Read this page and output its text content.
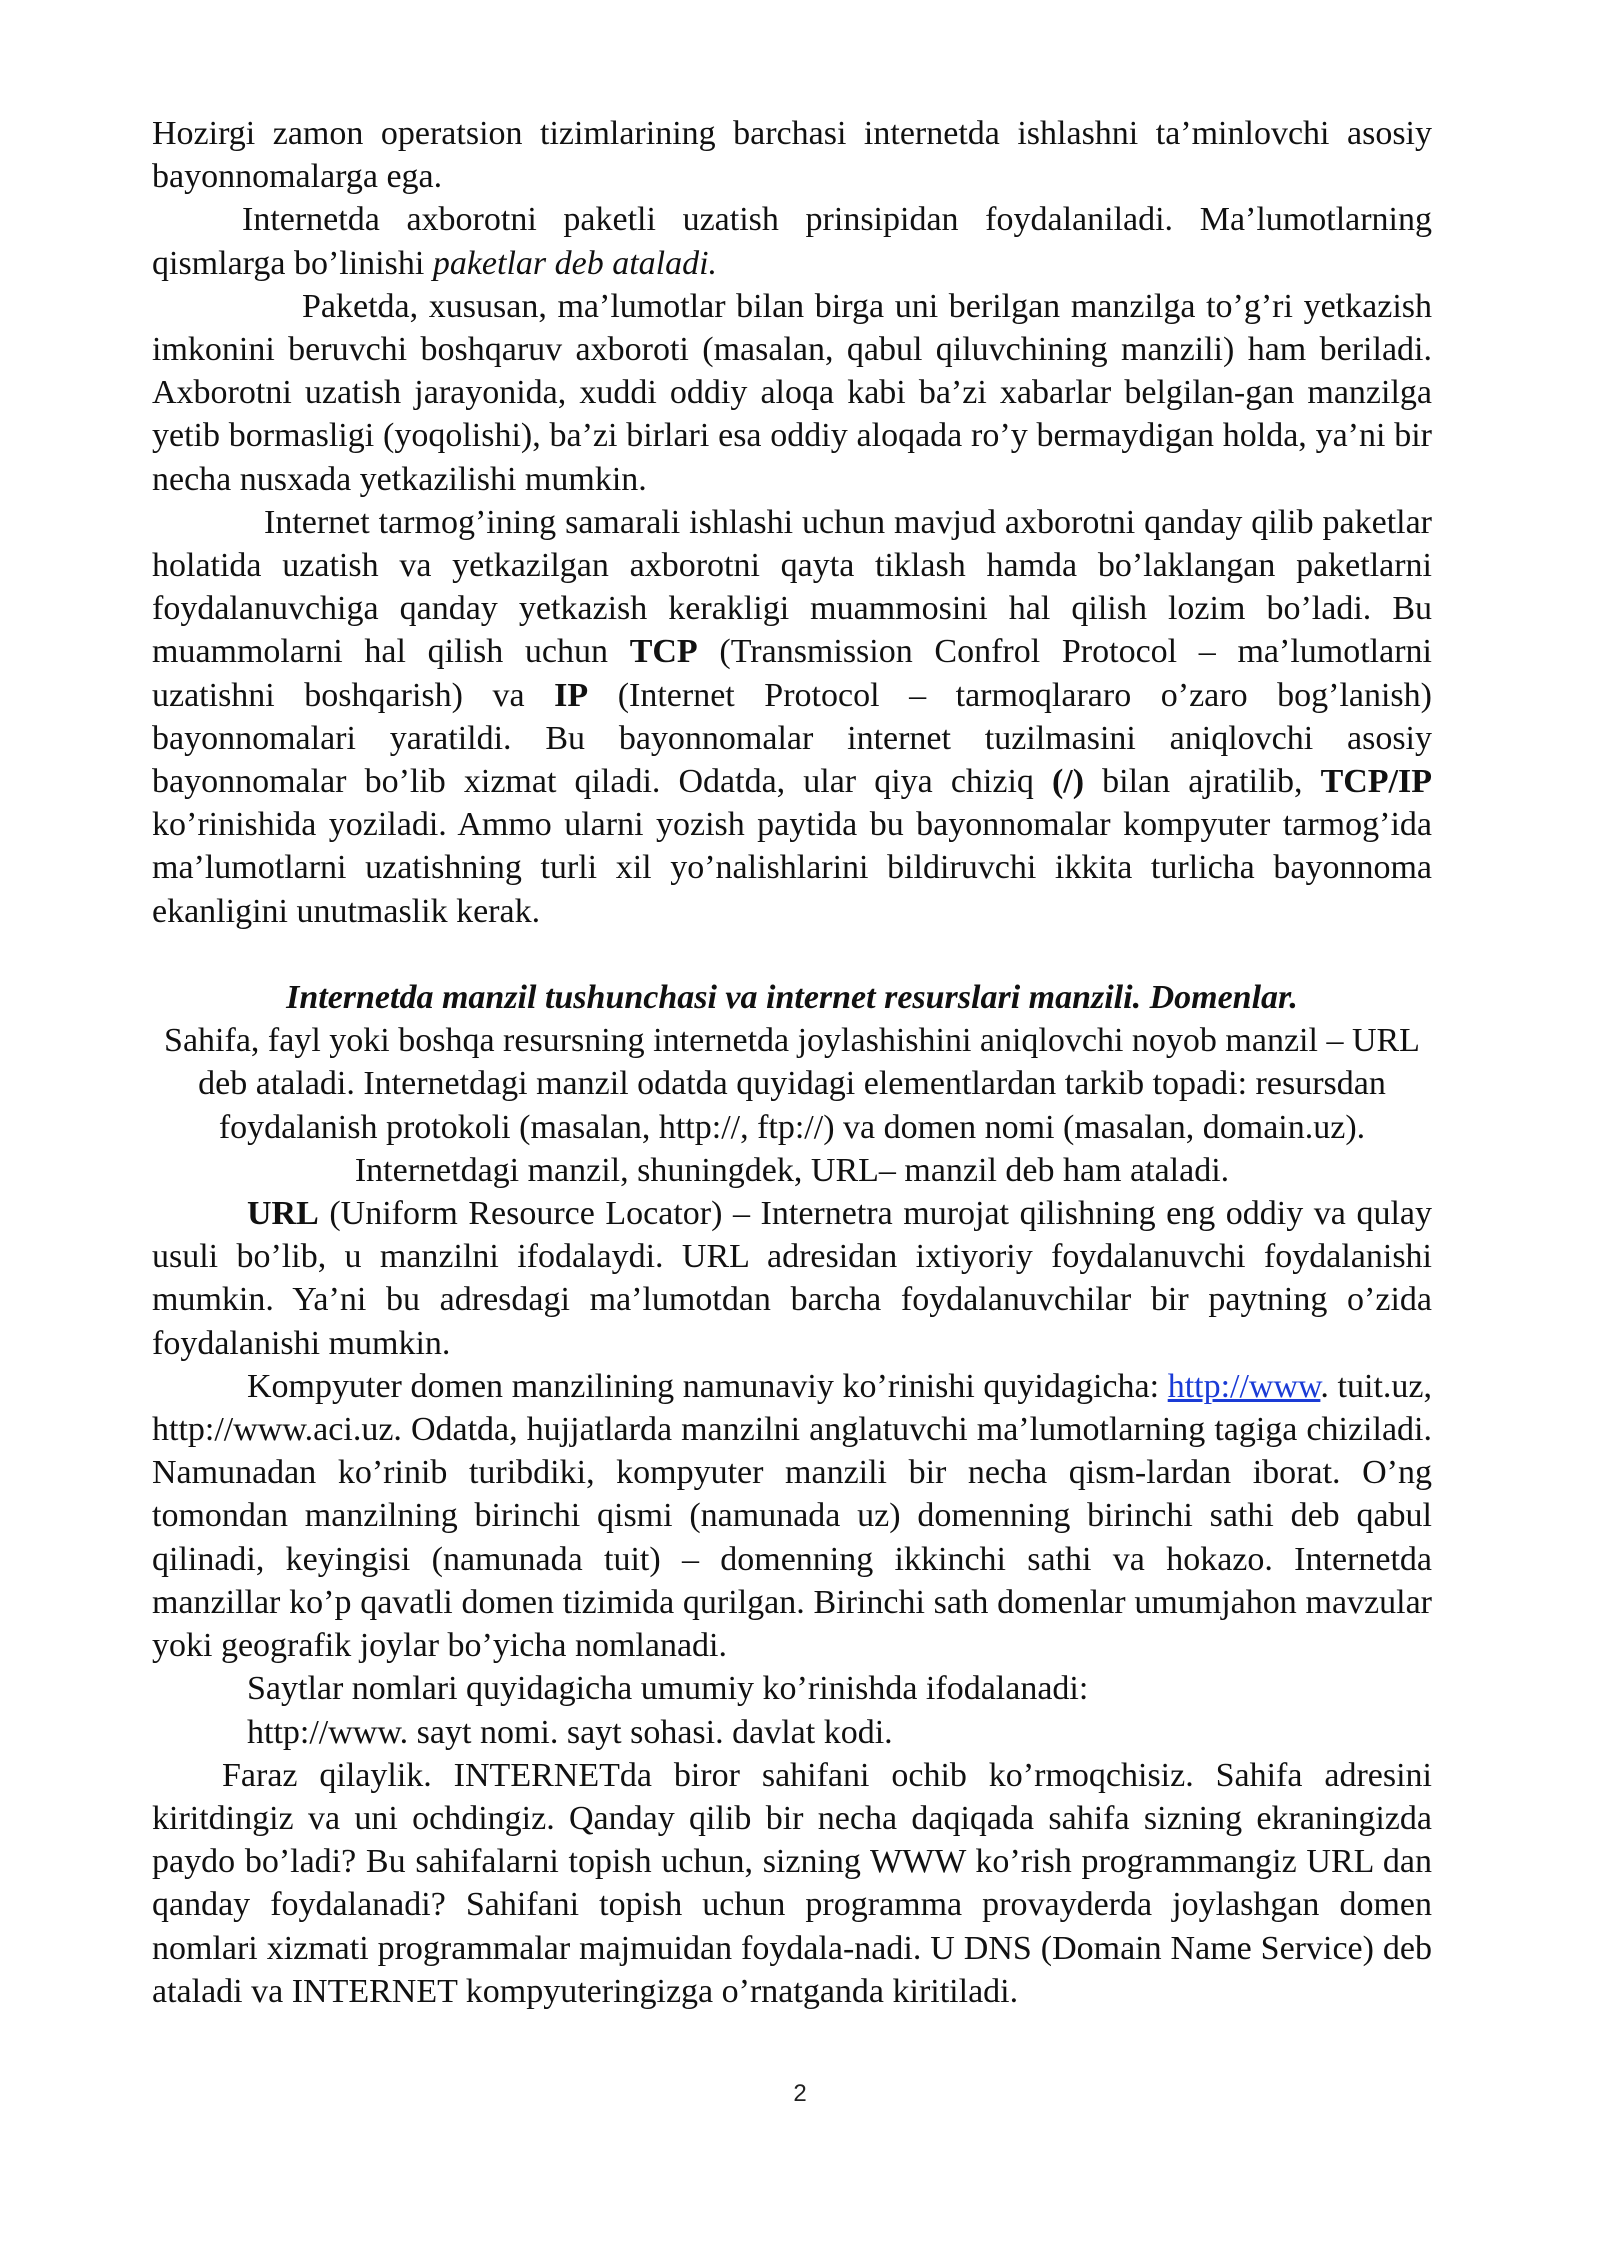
Hozirgi zamon operatsion tizimlarining barchasi internetda ishlashni ta’minlovchi asosiy bayonnomalarga ega.

Internetda axborotni paketli uzatish prinsipidan foydalaniladi. Ma’lumotlarning qismlarga bo’linishi paketlar deb ataladi.

Paketda, xususan, ma’lumotlar bilan birga uni berilgan manzilga to’g’ri yetkazish imkonini beruvchi boshqaruv axboroti (masalan, qabul qiluvchining manzili) ham beriladi. Axborotni uzatish jarayonida, xuddi oddiy aloqa kabi ba’zi xabarlar belgilan-gan manzilga yetib bormasligi (yoqolishi), ba’zi birlari esa oddiy aloqada ro’y bermaydigan holda, ya’ni bir necha nusxada yetkazilishi mumkin.

Internet tarmog’ining samarali ishlashi uchun mavjud axborotni qanday qilib paketlar holatida uzatish va yetkazilgan axborotni qayta tiklash hamda bo’laklangan paketlarni foydalanuvchiga qanday yetkazish kerakligi muammosini hal qilish lozim bo’ladi. Bu muammolarni hal qilish uchun TCP (Transmission Confrol Protocol – ma’lumotlarni uzatishni boshqarish) va IP (Internet Protocol – tarmoqlararo o’zaro bog’lanish) bayonnomalari yaratildi. Bu bayonnomalar internet tuzilmasini aniqlovchi asosiy bayonnomalar bo’lib xizmat qiladi. Odatda, ular qiya chiziq (/) bilan ajratilib, TCP/IP ko’rinishida yoziladi. Ammo ularni yozish paytida bu bayonnomalar kompyuter tarmog’ida ma’lumotlarni uzatishning turli xil yo’nalishlarini bildiruvchi ikkita turlicha bayonnoma ekanligini unutmaslik kerak.

Internetda manzil tushunchasi va internet resurslari manzili. Domenlar.

Sahifa, fayl yoki boshqa resursning internetda joylashishini aniqlovchi noyob manzil – URL deb ataladi. Internetdagi manzil odatda quyidagi elementlardan tarkib topadi: resursdan foydalanish protokoli (masalan, http://, ftp://) va domen nomi (masalan, domain.uz). Internetdagi manzil, shuningdek, URL– manzil deb ham ataladi.

URL (Uniform Resource Locator) – Internetra murojat qilishning eng oddiy va qulay usuli bo’lib, u manzilni ifodalaydi. URL adresidan ixtiyoriy foydalanuvchi foydalanishi mumkin. Ya’ni bu adresdagi ma’lumotdan barcha foydalanuvchilar bir paytning o’zida foydalanishi mumkin.

Kompyuter domen manzilining namunaviy ko’rinishi quyidagicha: http://www. tuit.uz, http://www.aci.uz. Odatda, hujjatlarda manzilni anglatuvchi ma’lumotlarning tagiga chiziladi. Namunadan ko’rinib turibdiki, kompyuter manzili bir necha qism-lardan iborat. O’ng tomondan manzilning birinchi qismi (namunada uz) domenning birinchi sathi deb qabul qilinadi, keyingisi (namunada tuit) – domenning ikkinchi sathi va hokazo. Internetda manzillar ko’p qavatli domen tizimida qurilgan. Birinchi sath domenlar umumjahon mavzular yoki geografik joylar bo’yicha nomlanadi.

Saytlar nomlari quyidagicha umumiy ko’rinishda ifodalanadi:

http://www. sayt nomi. sayt sohasi. davlat kodi.

Faraz qilaylik. INTERNETda biror sahifani ochib ko’rmoqchisiz. Sahifa adresini kiritdingiz va uni ochdingiz. Qanday qilib bir necha daqiqada sahifa sizning ekraningizda paydo bo’ladi? Bu sahifalarni topish uchun, sizning WWW ko’rish programmangiz URL dan qanday foydalanadi? Sahifani topish uchun programma provayderda joylashgan domen nomlari xizmati programmalar majmuidan foydala-nadi. U DNS (Domain Name Service) deb ataladi va INTERNET kompyuteringizga o’rnatganda kiritiladi.

2
